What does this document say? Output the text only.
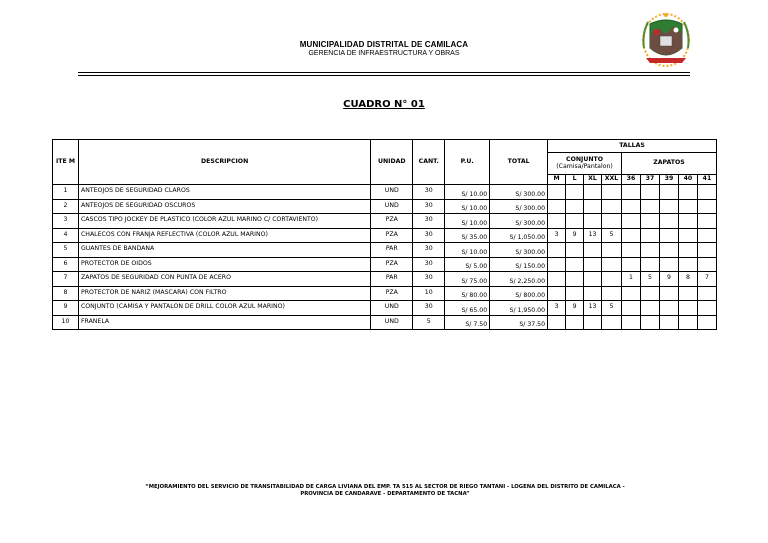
MUNICIPALIDAD DISTRITAL DE CAMILACA
GERENCIA DE INFRAESTRUCTURA Y OBRAS
CUADRO N° 01
ITE M	DESCRIPCION	UNIDAD	CANT.	P.U.	TOTAL	TALLAS								

						CONJUNTO
(Camisa/Pantalon)				ZAPATOS				
						M	L	XL	XXL	36	37	39	40	41
1	ANTEOJOS DE SEGURIDAD CLAROS	UND	30	S/ 10.00	S/ 300.00									
2	ANTEOJOS DE SEGURIDAD OSCUROS	UND	30	S/ 10.00	S/ 300.00									
3	CASCOS TIPO JOCKEY DE PLASTICO (COLOR AZUL MARINO C/ CORTAVIENTO)	PZA	30	S/ 10.00	S/ 300.00									
4	CHALECOS CON FRANJA REFLECTIVA (COLOR AZUL MARINO)	PZA	30	S/ 35.00	S/ 1,050.00	3	9	13	5					
5	GUANTES DE BANDANA	PAR	30	S/ 10.00	S/ 300.00									
6	PROTECTOR DE OIDOS	PZA	30	S/ 5.00	S/ 150.00									
7	ZAPATOS DE SEGURIDAD CON PUNTA DE ACERO	PAR	30	S/ 75.00	S/ 2,250.00					1	5	9	8	7
8	PROTECTOR DE NARIZ (MASCARA) CON FILTRO	PZA	10	S/ 80.00	S/ 800.00									
9	CONJUNTO (CAMISA Y PANTALON DE DRILL COLOR AZUL MARINO)	UND	30	S/ 65.00	S/ 1,950.00	3	9	13	5					
10	FRANELA	UND	5	S/ 7.50	S/ 37.50									
“MEJORAMIENTO DEL SERVICIO DE TRANSITABILIDAD DE CARGA LIVIANA DEL EMP. TA 515 AL SECTOR DE RIEGO TANTANI - LOGENA DEL DISTRITO DE CAMILACA -
PROVINCIA DE CANDARAVE - DEPARTAMENTO DE TACNA”
